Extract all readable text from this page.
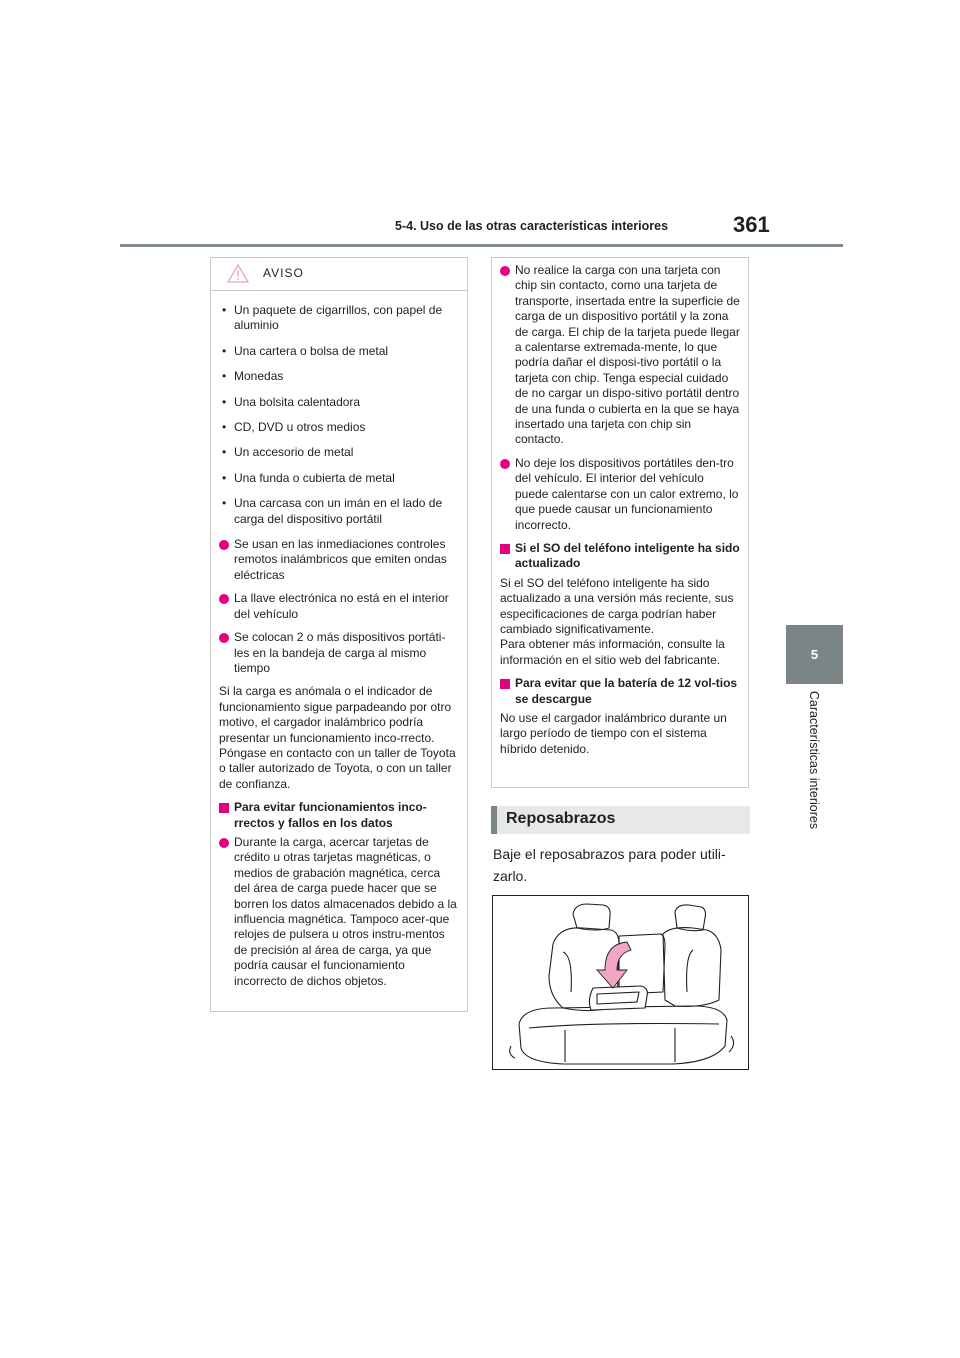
5-4. Uso de las otras características interiores	361
5
Características interiores
AVISO
• Un paquete de cigarrillos, con papel de aluminio
• Una cartera o bolsa de metal
• Monedas
• Una bolsita calentadora
• CD, DVD u otros medios
• Un accesorio de metal
• Una funda o cubierta de metal
• Una carcasa con un imán en el lado de carga del dispositivo portátil
Se usan en las inmediaciones controles remotos inalámbricos que emiten ondas eléctricas
La llave electrónica no está en el interior del vehículo
Se colocan 2 o más dispositivos portáti-les en la bandeja de carga al mismo tiempo
Si la carga es anómala o el indicador de funcionamiento sigue parpadeando por otro motivo, el cargador inalámbrico podría presentar un funcionamiento inco-rrecto. Póngase en contacto con un taller de Toyota o taller autorizado de Toyota, o con un taller de confianza.
Para evitar funcionamientos inco-rrectos y fallos en los datos
Durante la carga, acercar tarjetas de crédito u otras tarjetas magnéticas, o medios de grabación magnética, cerca del área de carga puede hacer que se borren los datos almacenados debido a la influencia magnética. Tampoco acer-que relojes de pulsera u otros instru-mentos de precisión al área de carga, ya que podría causar el funcionamiento incorrecto de dichos objetos.
No realice la carga con una tarjeta con chip sin contacto, como una tarjeta de transporte, insertada entre la superficie de carga de un dispositivo portátil y la zona de carga. El chip de la tarjeta puede llegar a calentarse extremada-mente, lo que podría dañar el disposi-tivo portátil o la tarjeta con chip. Tenga especial cuidado de no cargar un dispo-sitivo portátil dentro de una funda o cubierta en la que se haya insertado una tarjeta con chip sin contacto.
No deje los dispositivos portátiles den-tro del vehículo. El interior del vehículo puede calentarse con un calor extremo, lo que puede causar un funcionamiento incorrecto.
Si el SO del teléfono inteligente ha sido actualizado
Si el SO del teléfono inteligente ha sido actualizado a una versión más reciente, sus especificaciones de carga podrían haber cambiado significativamente.
Para obtener más información, consulte la información en el sitio web del fabricante.
Para evitar que la batería de 12 vol-tios se descargue
No use el cargador inalámbrico durante un largo período de tiempo con el sistema híbrido detenido.
Reposabrazos
Baje el reposabrazos para poder utili-zarlo.
